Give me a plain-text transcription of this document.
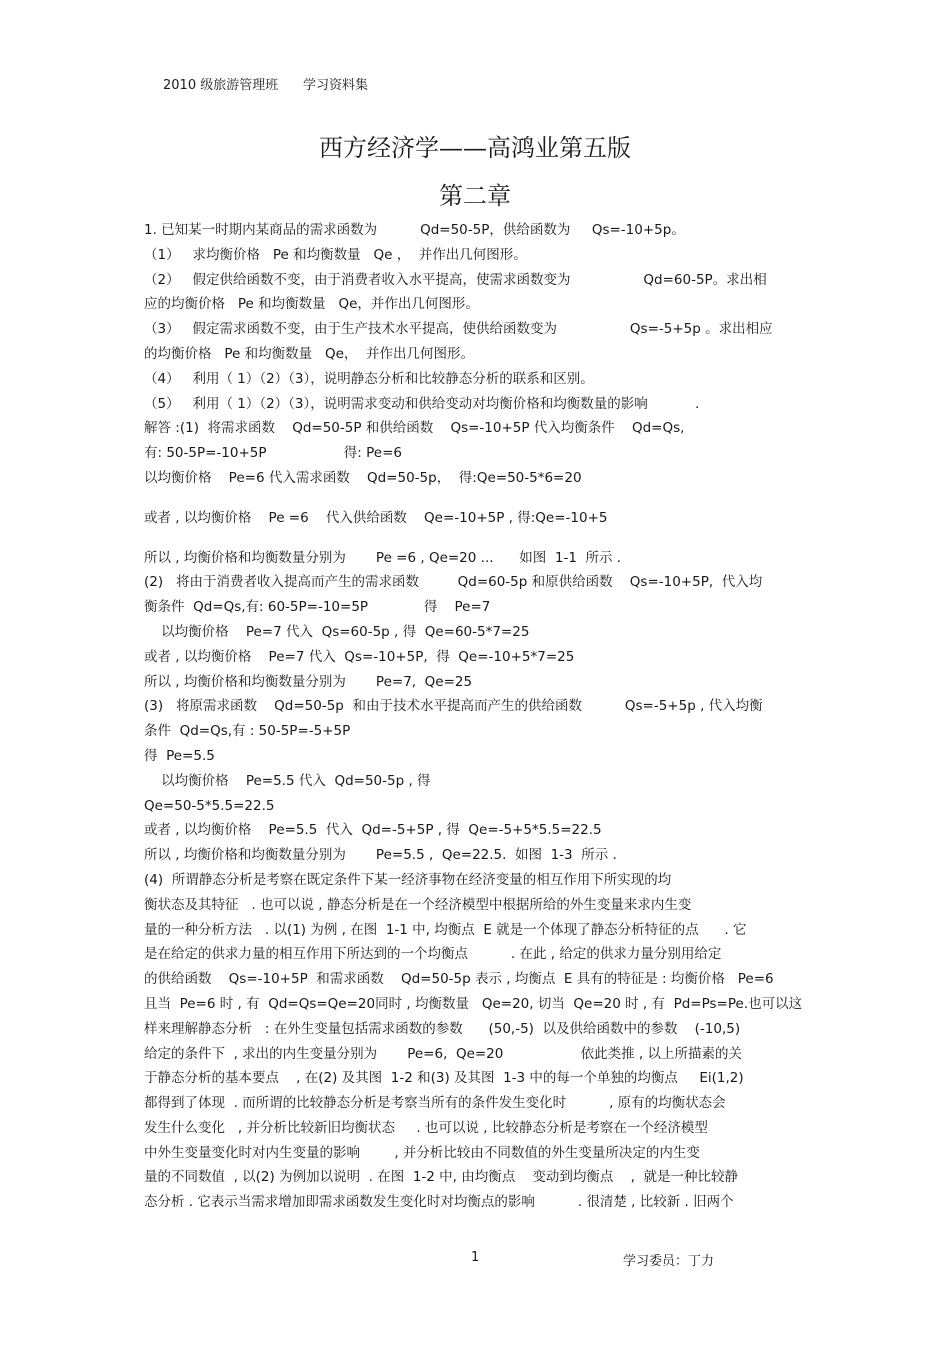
2010 级旅游管理班      学习资料集
西方经济学——高鸿业第五版
第二章
1. 已知某一时期内某商品的需求函数为          Qd=50-5P，供给函数为     Qs=-10+5p。
（1）   求均衡价格   Pe 和均衡数量   Qe ，  并作出几何图形。
（2）   假定供给函数不变，由于消费者收入水平提高，使需求函数变为                 Qd=60-5P。求出相
应的均衡价格   Pe 和均衡数量   Qe，并作出几何图形。
（3）   假定需求函数不变，由于生产技术水平提高，使供给函数变为                 Qs=-5+5p 。求出相应
的均衡价格   Pe 和均衡数量   Qe，  并作出几何图形。
（4）   利用（ 1）（2）（3），说明静态分析和比较静态分析的联系和区别。
（5）   利用（ 1）（2）（3），说明需求变动和供给变动对均衡价格和均衡数量的影响           .
解答 :(1)  将需求函数    Qd=50-5P 和供给函数    Qs=-10+5P 代入均衡条件    Qd=Qs,
有: 50-5P=-10+5P                  得: Pe=6
以均衡价格    Pe=6 代入需求函数    Qd=50-5p，  得:Qe=50-5*6=20
或者 , 以均衡价格    Pe =6    代入供给函数    Qe=-10+5P , 得:Qe=-10+5
所以 , 均衡价格和均衡数量分别为       Pe =6 , Qe=20 ...      如图  1-1  所示 .
(2)   将由于消费者收入提高而产生的需求函数         Qd=60-5p 和原供给函数    Qs=-10+5P,  代入均
衡条件  Qd=Qs,有: 60-5P=-10=5P             得    Pe=7
以均衡价格    Pe=7 代入  Qs=60-5p , 得  Qe=60-5*7=25
或者 , 以均衡价格    Pe=7 代入  Qs=-10+5P,  得  Qe=-10+5*7=25
所以 , 均衡价格和均衡数量分别为       Pe=7,  Qe=25
(3)   将原需求函数    Qd=50-5p  和由于技术水平提高而产生的供给函数          Qs=-5+5p , 代入均衡
条件  Qd=Qs,有 : 50-5P=-5+5P
得  Pe=5.5
以均衡价格    Pe=5.5 代入  Qd=50-5p , 得
Qe=50-5*5.5=22.5
或者 , 以均衡价格    Pe=5.5  代入  Qd=-5+5P , 得  Qe=-5+5*5.5=22.5
所以 , 均衡价格和均衡数量分别为       Pe=5.5 ,  Qe=22.5.  如图  1-3  所示 .
(4)  所谓静态分析是考察在既定条件下某一经济事物在经济变量的相互作用下所实现的均
衡状态及其特征   . 也可以说 , 静态分析是在一个经济模型中根据所给的外生变量来求内生变
量的一种分析方法   . 以(1) 为例 , 在图  1-1 中, 均衡点  E 就是一个体现了静态分析特征的点      . 它
是在给定的供求力量的相互作用下所达到的一个均衡点          . 在此 , 给定的供求力量分别用给定
的供给函数    Qs=-10+5P  和需求函数    Qd=50-5p 表示 , 均衡点  E 具有的特征是 : 均衡价格   Pe=6
且当  Pe=6 时 , 有  Qd=Qs=Qe=20同时 , 均衡数量   Qe=20, 切当  Qe=20 时 , 有  Pd=Ps=Pe.也可以这
样来理解静态分析   : 在外生变量包括需求函数的参数      (50,-5)  以及供给函数中的参数    (-10,5)
给定的条件下  , 求出的内生变量分别为       Pe=6,  Qe=20                  依此类推 , 以上所描素的关
于静态分析的基本要点    , 在(2) 及其图  1-2 和(3) 及其图  1-3 中的每一个单独的均衡点     Ei(1,2)
都得到了体现  . 而所谓的比较静态分析是考察当所有的条件发生变化时          , 原有的均衡状态会
发生什么变化   , 并分析比较新旧均衡状态     . 也可以说 , 比较静态分析是考察在一个经济模型
中外生变量变化时对内生变量的影响        , 并分析比较由不同数值的外生变量所决定的内生变
量的不同数值  , 以(2) 为例加以说明  . 在图  1-2 中, 由均衡点    变动到均衡点    ,  就是一种比较静
态分析 . 它表示当需求增加即需求函数发生变化时对均衡点的影响          . 很清楚 , 比较新 . 旧两个
1	学习委员：丁力
